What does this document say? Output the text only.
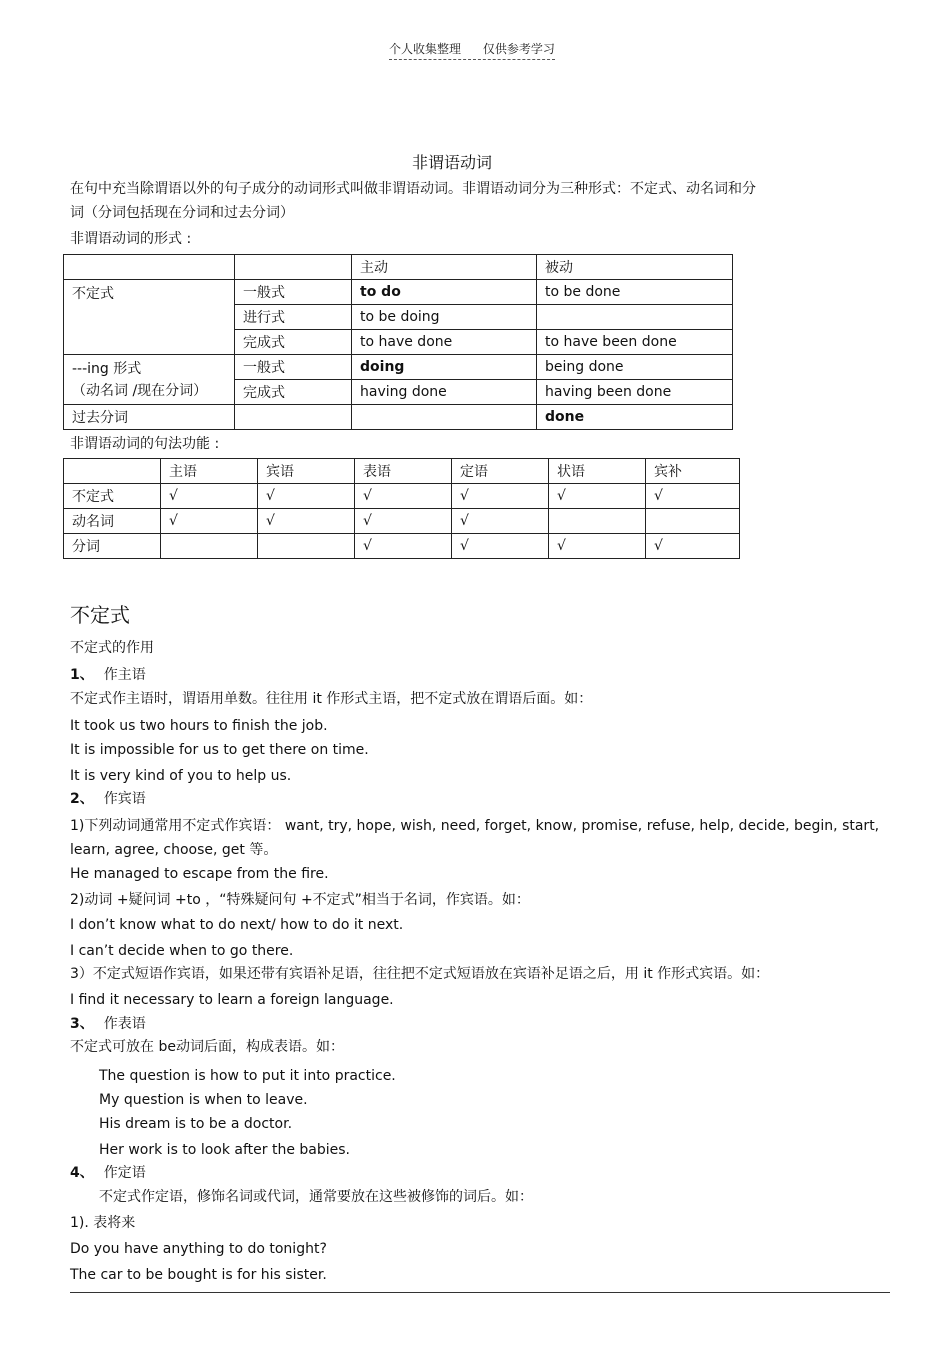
个人收集整理 仅供参考学习
非谓语动词
在句中充当除谓语以外的句子成分的动词形式叫做非谓语动词。非谓语动词分为三种形式：不定式、动名词和分
词（分词包括现在分词和过去分词）
非谓语动词的形式 :
		主动	被动
不定式	一般式	to do	to be done
	进行式	to be doing	
	完成式	to have done	to have been done

---ing 形式
（动名词 /现在分词）	一般式	doing	being done
	完成式	having done	having been done
过去分词			done
非谓语动词的句法功能 :
	主语	宾语	表语	定语	状语	宾补
不定式	√	√	√	√	√	√
动名词	√	√	√	√		
分词			√	√	√	√
不定式
不定式的作用
1、 作主语
不定式作主语时，谓语用单数。往往用 it 作形式主语，把不定式放在谓语后面。如：
It took us two hours to finish the job.
It is impossible for us to get there on time.
It is very kind of you to help us.
2、 作宾语
1)下列动词通常用不定式作宾语： want, try, hope, wish, need, forget, know, promise, refuse, help, decide, begin, start,
learn, agree, choose, get 等。
He managed to escape from the fire.
2)动词 +疑问词 +to ，“特殊疑问句 +不定式”相当于名词，作宾语。如：
I don’t know what to do next/ how to do it next.
I can’t decide when to go there.
3）不定式短语作宾语，如果还带有宾语补足语，往往把不定式短语放在宾语补足语之后，用 it 作形式宾语。如：
I find it necessary to learn a foreign language.
3、 作表语
不定式可放在 be动词后面，构成表语。如：
The question is how to put it into practice.
My question is when to leave.
His dream is to be a doctor.
Her work is to look after the babies.
4、 作定语
不定式作定语，修饰名词或代词，通常要放在这些被修饰的词后。如：
1). 表将来
Do you have anything to do tonight?
The car to be bought is for his sister.
